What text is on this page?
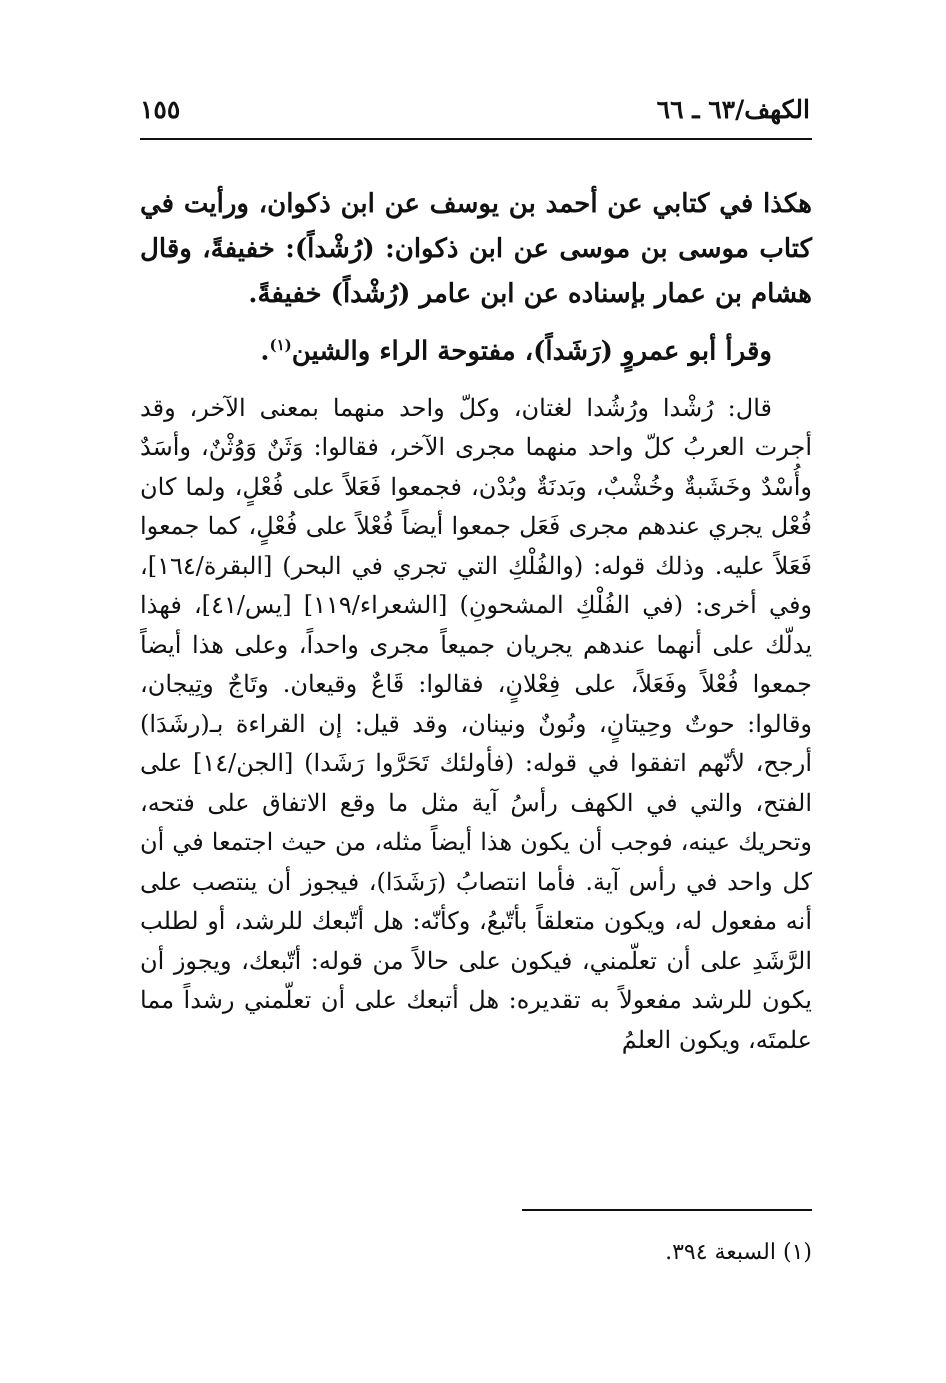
الكهف/٦٣ ـ ٦٦
١٥٥

هكذا في كتابي عن أحمد بن يوسف عن ابن ذكوان، ورأيت في كتاب موسى بن موسى عن ابن ذكوان: (رُشْداً): خفيفةً، وقال هشام بن عمار بإسناده عن ابن عامر (رُشْداً) خفيفةً.

وقرأ أبو عمروٍ (رَشَداً)، مفتوحة الراء والشين$^{(١)}$.

قال: رُشْدا ورُشُدا لغتان، وكلّ واحد منهما بمعنى الآخر، وقد أجرت العربُ كلّ واحد منهما مجرى الآخر، فقالوا: وَثَنٌ وَوُثْنٌ، وأسَدٌ وأُسْدٌ وخَشَبةٌ وخُشْبٌ، وبَدنَةٌ وبُدْن، فجمعوا فَعَلاً على فُعْلٍ، ولما كان فُعْل يجري عندهم مجرى فَعَل جمعوا أيضاً فُعْلاً على فُعْلٍ، كما جمعوا فَعَلاً عليه. وذلك قوله: (والفُلْكِ التي تجري في البحر) [البقرة/١٦٤]، وفي أخرى: (في الفُلْكِ المشحونِ) [الشعراء/١١٩] [يس/٤١]، فهذا يدلّك على أنهما عندهم يجريان جميعاً مجرى واحداً، وعلى هذا أيضاً جمعوا فُعْلاً وفَعَلاً، على فِعْلانٍ، فقالوا: قَاعٌ وقيعان. وتَاجٌ وتِيجان، وقالوا: حوتٌ وحِيتانٍ، ونُونٌ ونينان، وقد قيل: إن القراءة بـ(رشَدَا) أرجح، لأنّهم اتفقوا في قوله: (فأولئك تَحَرَّوا رَشَدا) [الجن/١٤] على الفتح، والتي في الكهف رأسُ آية مثل ما وقع الاتفاق على فتحه، وتحريك عينه، فوجب أن يكون هذا أيضاً مثله، من حيث اجتمعا في أن كل واحد في رأس آية. فأما انتصابُ (رَشَدَا)، فيجوز أن ينتصب على أنه مفعول له، ويكون متعلقاً بأتّبعُ، وكأنّه: هل أتّبعك للرشد، أو لطلب الرَّشَدِ على أن تعلّمني، فيكون على حالاً من قوله: أتّبعك، ويجوز أن يكون للرشد مفعولاً به تقديره: هل أتبعك على أن تعلّمني رشداً مما علمتَه، ويكون العلمُ

(١) السبعة ٣٩٤.
